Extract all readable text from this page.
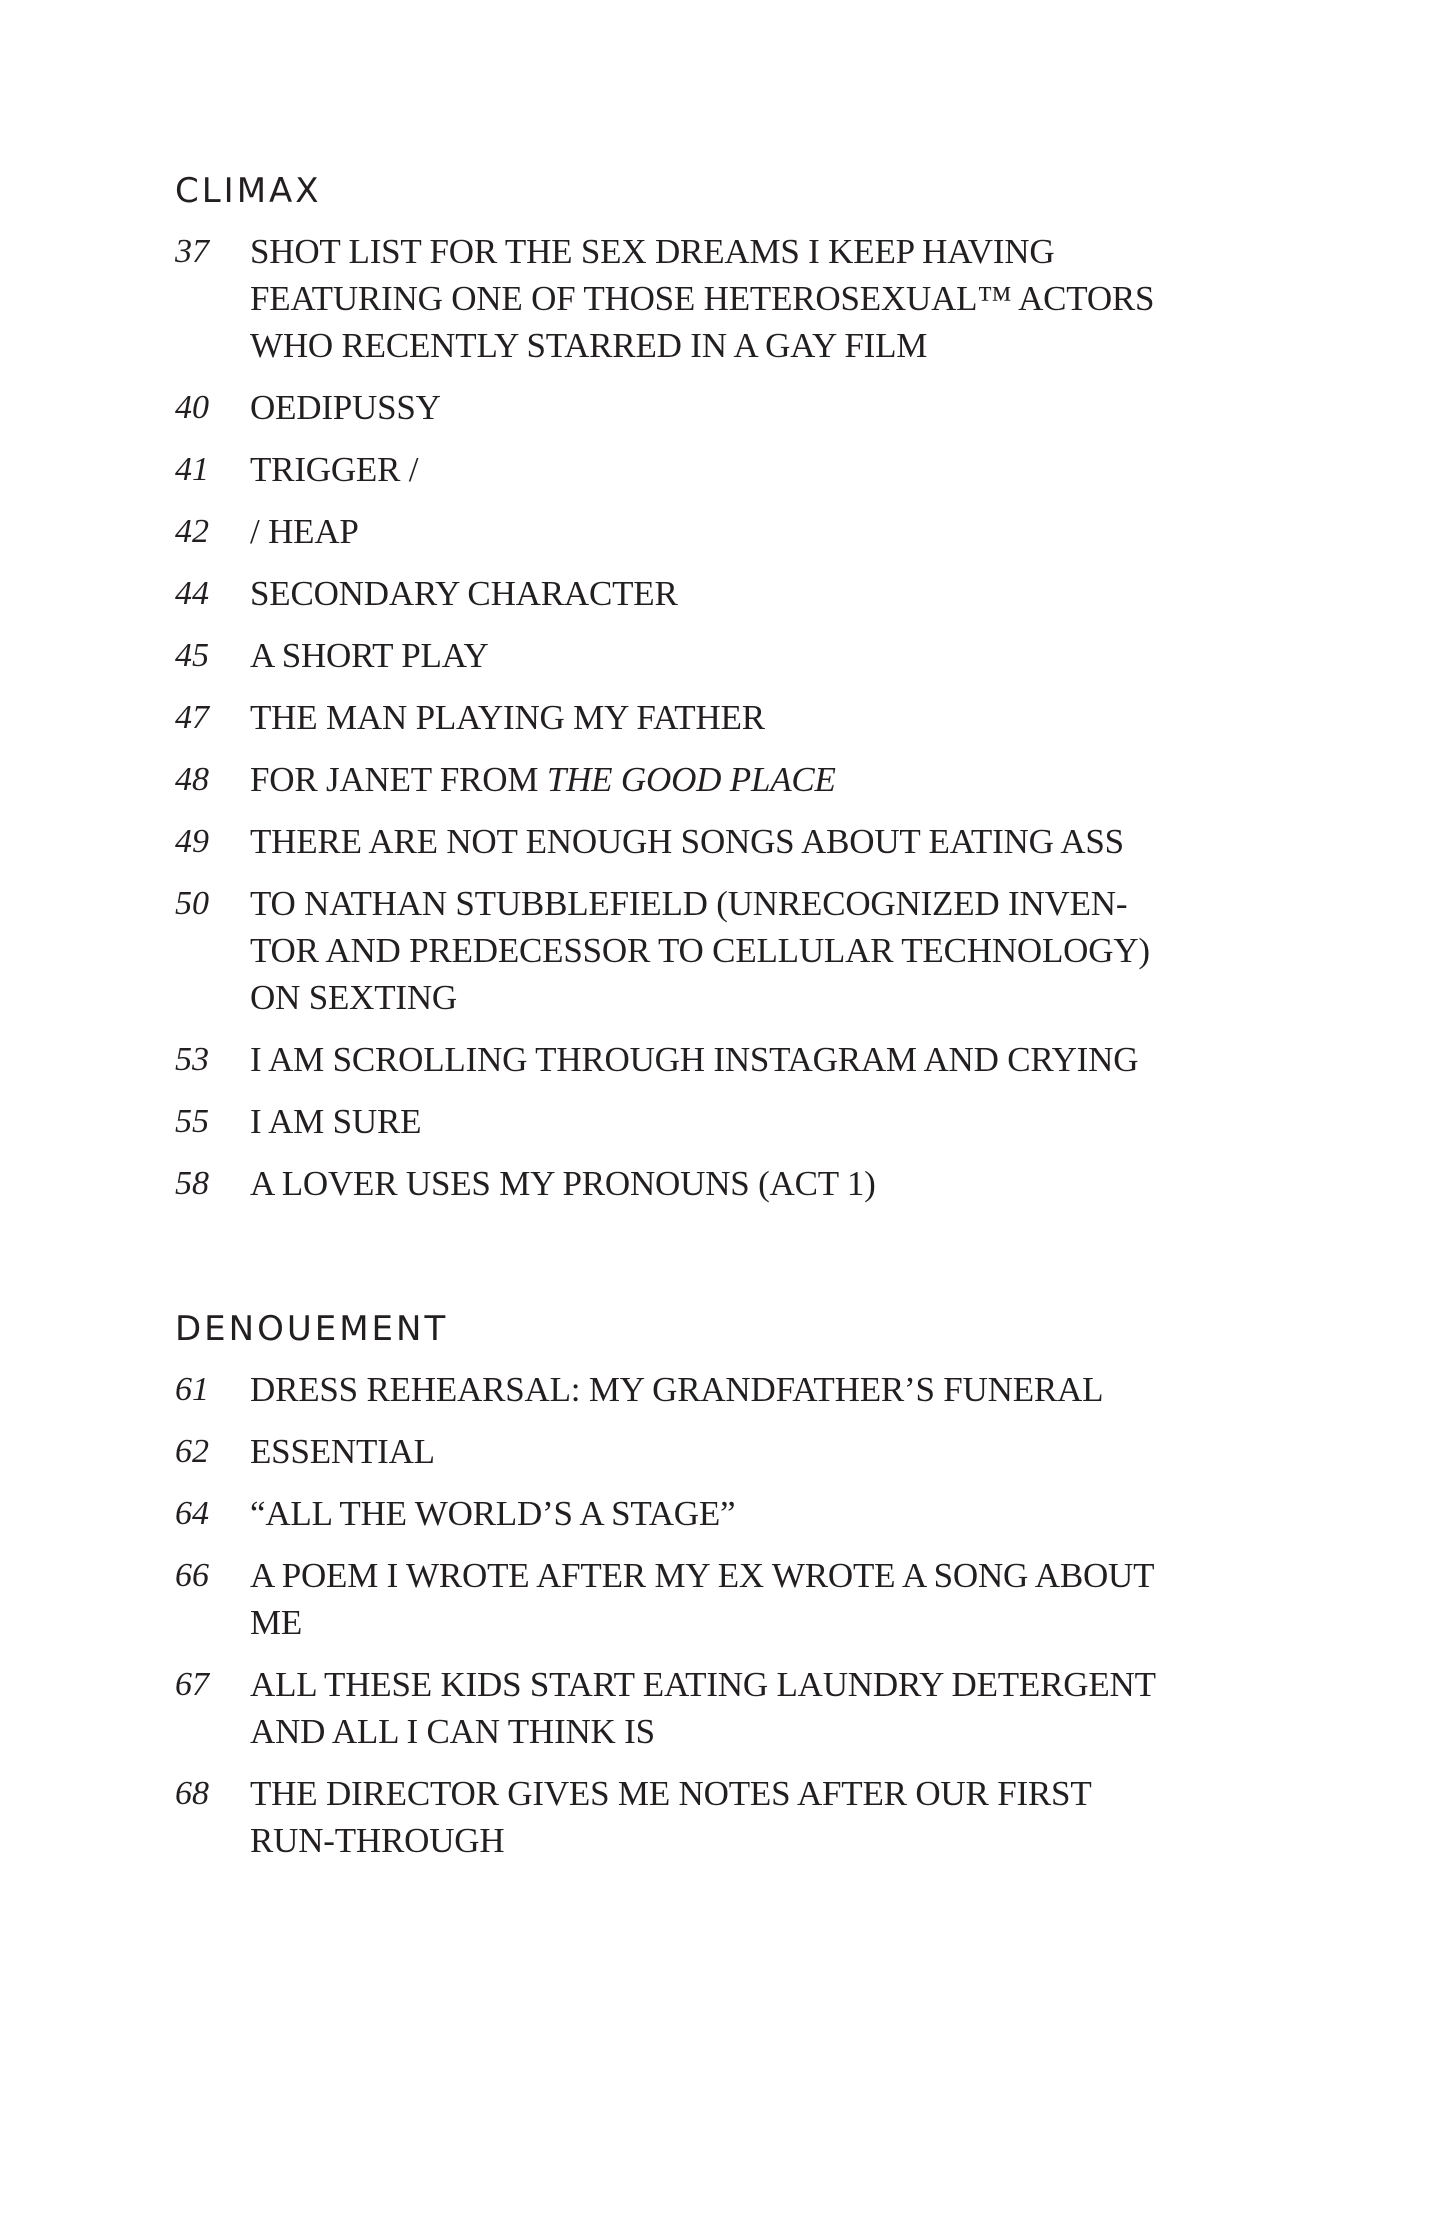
CLIMAX
37	SHOT LIST FOR THE SEX DREAMS I KEEP HAVING
FEATURING ONE OF THOSE HETEROSEXUAL™ ACTORS
WHO RECENTLY STARRED IN A GAY FILM
40	OEDIPUSSY
41	TRIGGER /
42	/ HEAP
44	SECONDARY CHARACTER
45	A SHORT PLAY
47	THE MAN PLAYING MY FATHER
48	FOR JANET FROM THE GOOD PLACE
49	THERE ARE NOT ENOUGH SONGS ABOUT EATING ASS
50	TO NATHAN STUBBLEFIELD (UNRECOGNIZED INVEN-
TOR AND PREDECESSOR TO CELLULAR TECHNOLOGY)
ON SEXTING
53	I AM SCROLLING THROUGH INSTAGRAM AND CRYING
55	I AM SURE
58	A LOVER USES MY PRONOUNS (ACT 1)
DENOUEMENT
61	DRESS REHEARSAL: MY GRANDFATHER’S FUNERAL
62	ESSENTIAL
64	“ALL THE WORLD’S A STAGE”
66	A POEM I WROTE AFTER MY EX WROTE A SONG ABOUT
ME
67	ALL THESE KIDS START EATING LAUNDRY DETERGENT
AND ALL I CAN THINK IS
68	THE DIRECTOR GIVES ME NOTES AFTER OUR FIRST
RUN-THROUGH
